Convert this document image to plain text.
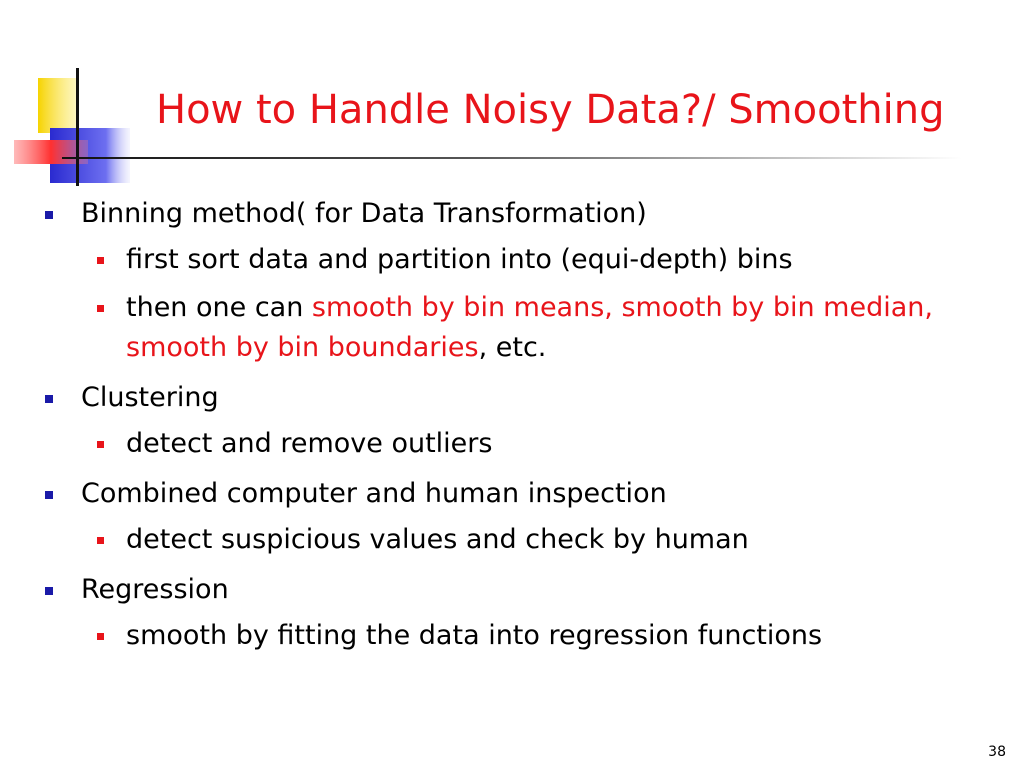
How to Handle Noisy Data?/ Smoothing
Binning method( for Data Transformation)
first sort data and partition into (equi-depth) bins
then one can smooth by bin means, smooth by bin median, smooth by bin boundaries, etc.
Clustering
detect and remove outliers
Combined computer and human inspection
detect suspicious values and check by human
Regression
smooth by fitting the data into regression functions
38
